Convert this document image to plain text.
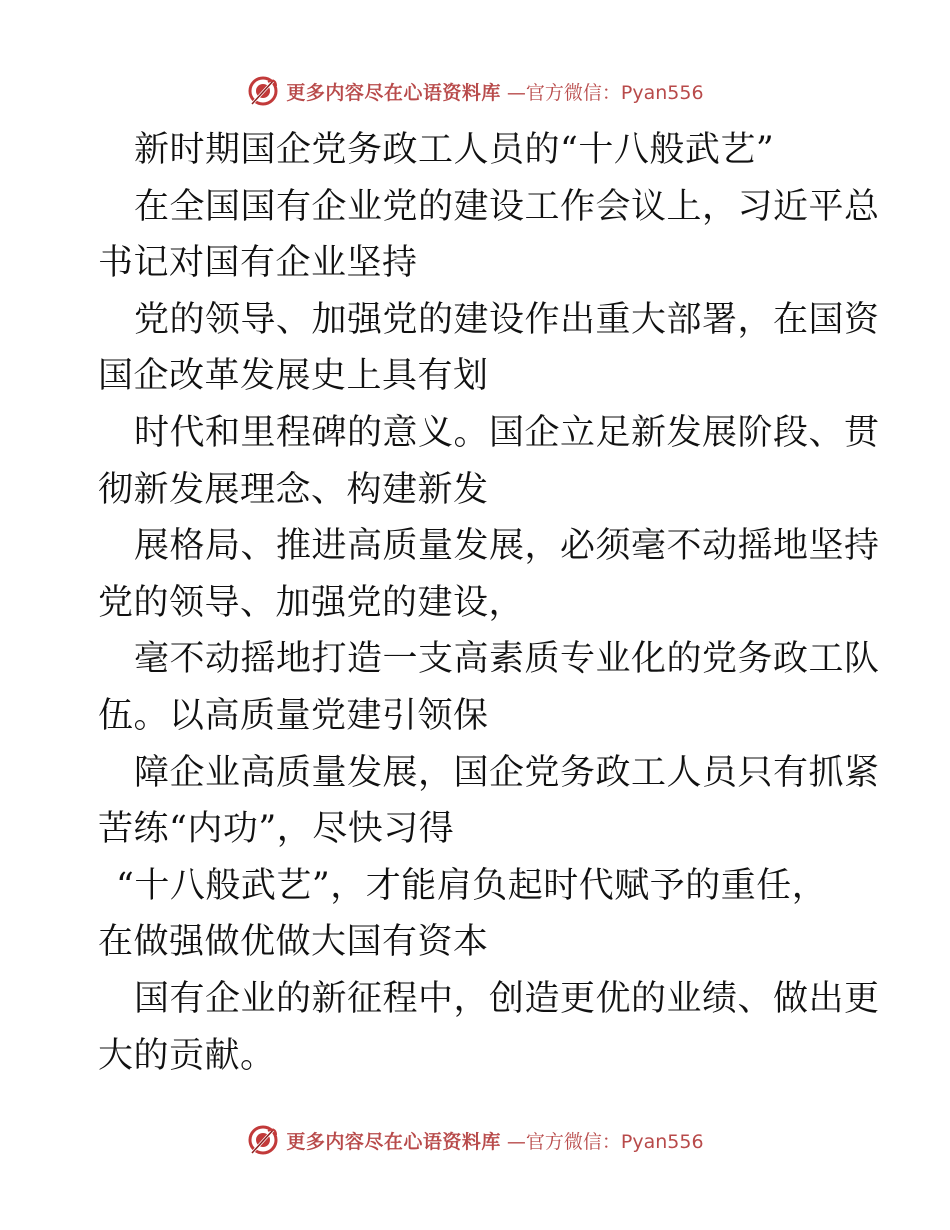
更多内容尽在心语资料库 —官方微信：Pyan556
新时期国企党务政工人员的“十八般武艺”
在全国国有企业党的建设工作会议上，习近平总
书记对国有企业坚持
党的领导、加强党的建设作出重大部署，在国资
国企改革发展史上具有划
时代和里程碑的意义。国企立足新发展阶段、贯
彻新发展理念、构建新发
展格局、推进高质量发展，必须毫不动摇地坚持
党的领导、加强党的建设，
毫不动摇地打造一支高素质专业化的党务政工队
伍。以高质量党建引领保
障企业高质量发展，国企党务政工人员只有抓紧
苦练“内功”，尽快习得
“十八般武艺”，才能肩负起时代赋予的重任，
在做强做优做大国有资本
国有企业的新征程中，创造更优的业绩、做出更
大的贡献。
更多内容尽在心语资料库 —官方微信：Pyan556
